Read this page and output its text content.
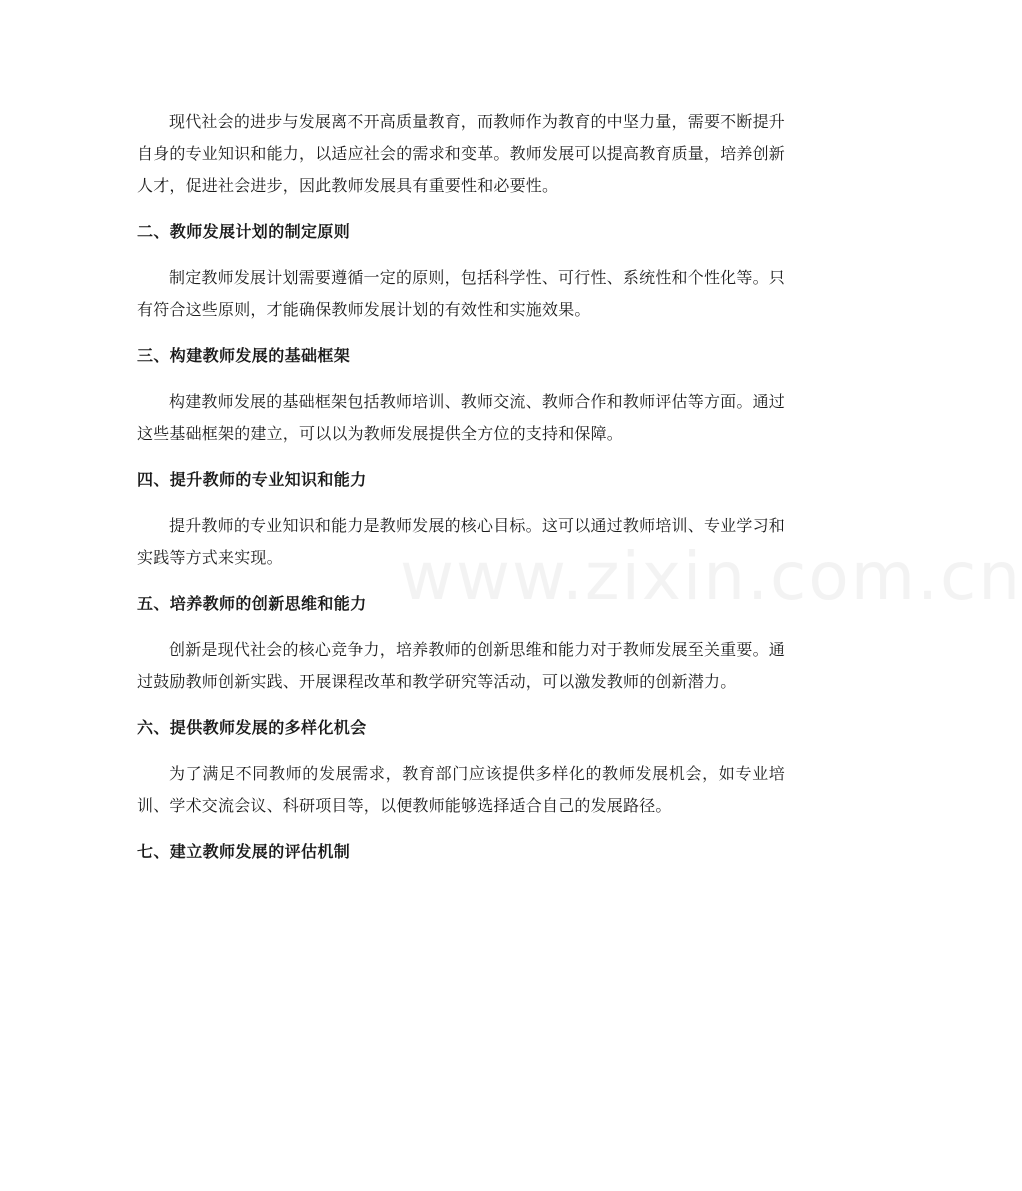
现代社会的进步与发展离不开高质量教育，而教师作为教育的中坚力量，需要不断提升自身的专业知识和能力，以适应社会的需求和变革。教师发展可以提高教育质量，培养创新人才，促进社会进步，因此教师发展具有重要性和必要性。

二、教师发展计划的制定原则

制定教师发展计划需要遵循一定的原则，包括科学性、可行性、系统性和个性化等。只有符合这些原则，才能确保教师发展计划的有效性和实施效果。

三、构建教师发展的基础框架

构建教师发展的基础框架包括教师培训、教师交流、教师合作和教师评估等方面。通过这些基础框架的建立，可以以为教师发展提供全方位的支持和保障。

四、提升教师的专业知识和能力

提升教师的专业知识和能力是教师发展的核心目标。这可以通过教师培训、专业学习和实践等方式来实现。

五、培养教师的创新思维和能力

创新是现代社会的核心竞争力，培养教师的创新思维和能力对于教师发展至关重要。通过鼓励教师创新实践、开展课程改革和教学研究等活动，可以激发教师的创新潜力。

六、提供教师发展的多样化机会

为了满足不同教师的发展需求，教育部门应该提供多样化的教师发展机会，如专业培训、学术交流会议、科研项目等，以便教师能够选择适合自己的发展路径。

七、建立教师发展的评估机制
www.zixin.com.cn
